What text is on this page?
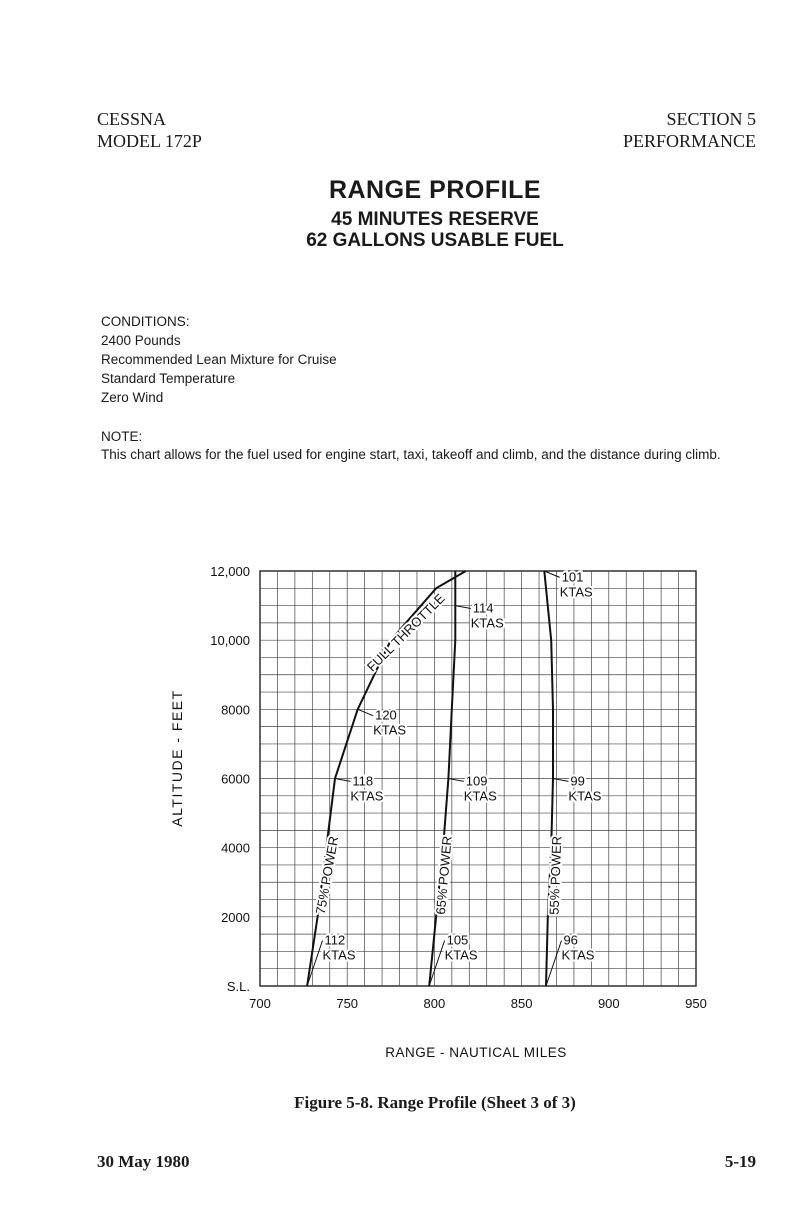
CESSNA
MODEL 172P
SECTION 5
PERFORMANCE
RANGE PROFILE
45 MINUTES RESERVE
62 GALLONS USABLE FUEL
CONDITIONS:
2400 Pounds
Recommended Lean Mixture for Cruise
Standard Temperature
Zero Wind
NOTE:
This chart allows for the fuel used for engine start, taxi, takeoff and climb, and the distance during climb.
75% POWER	65% POWER	55% POWER
FULL THROTTLE
112
KTAS
118
KTAS
120
KTAS
105
KTAS
109
KTAS
114
KTAS
96
KTAS
99
KTAS
101
KTAS
700	750	800	850	900	950
S.L.
2000
4000
6000
8000
10,000
12,000
RANGE - NAUTICAL MILES
ALTITUDE - FEET
Figure 5-8. Range Profile (Sheet 3 of 3)
30 May 1980	5-19
